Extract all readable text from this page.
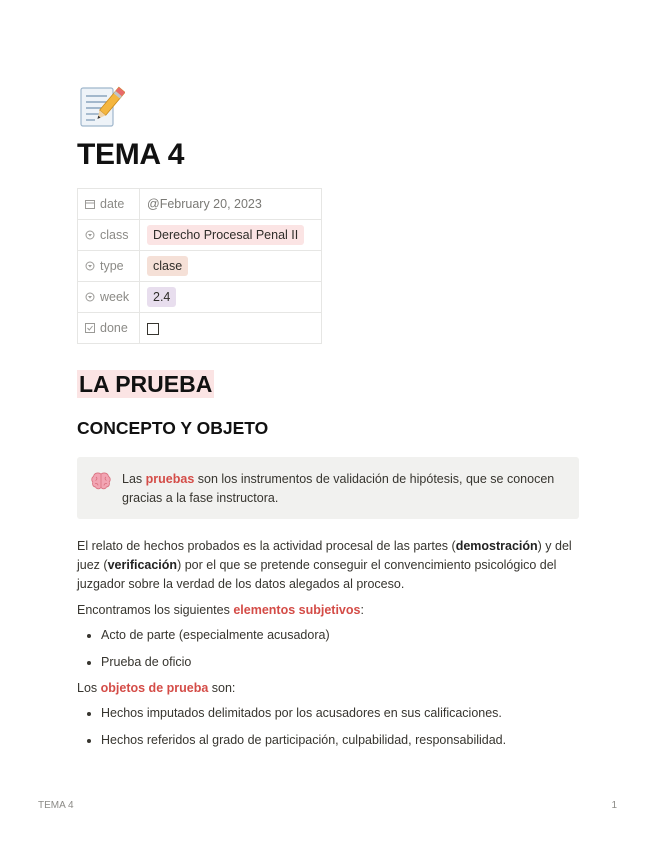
TEMA 4
date	@February 20, 2023
class	Derecho Procesal Penal II
type	clase
week	2.4
done	
LA PRUEBA
CONCEPTO Y OBJETO
Las pruebas son los instrumentos de validación de hipótesis, que se conocen gracias a la fase instructora.

El relato de hechos probados es la actividad procesal de las partes (demostración) y del juez (verificación) por el que se pretende conseguir el convencimiento psicológico del juzgador sobre la verdad de los datos alegados al proceso.

Encontramos los siguientes elementos subjetivos:

• Acto de parte (especialmente acusadora)
• Prueba de oficio

Los objetos de prueba son:

• Hechos imputados delimitados por los acusadores en sus calificaciones.
• Hechos referidos al grado de participación, culpabilidad, responsabilidad.
TEMA 4	1
